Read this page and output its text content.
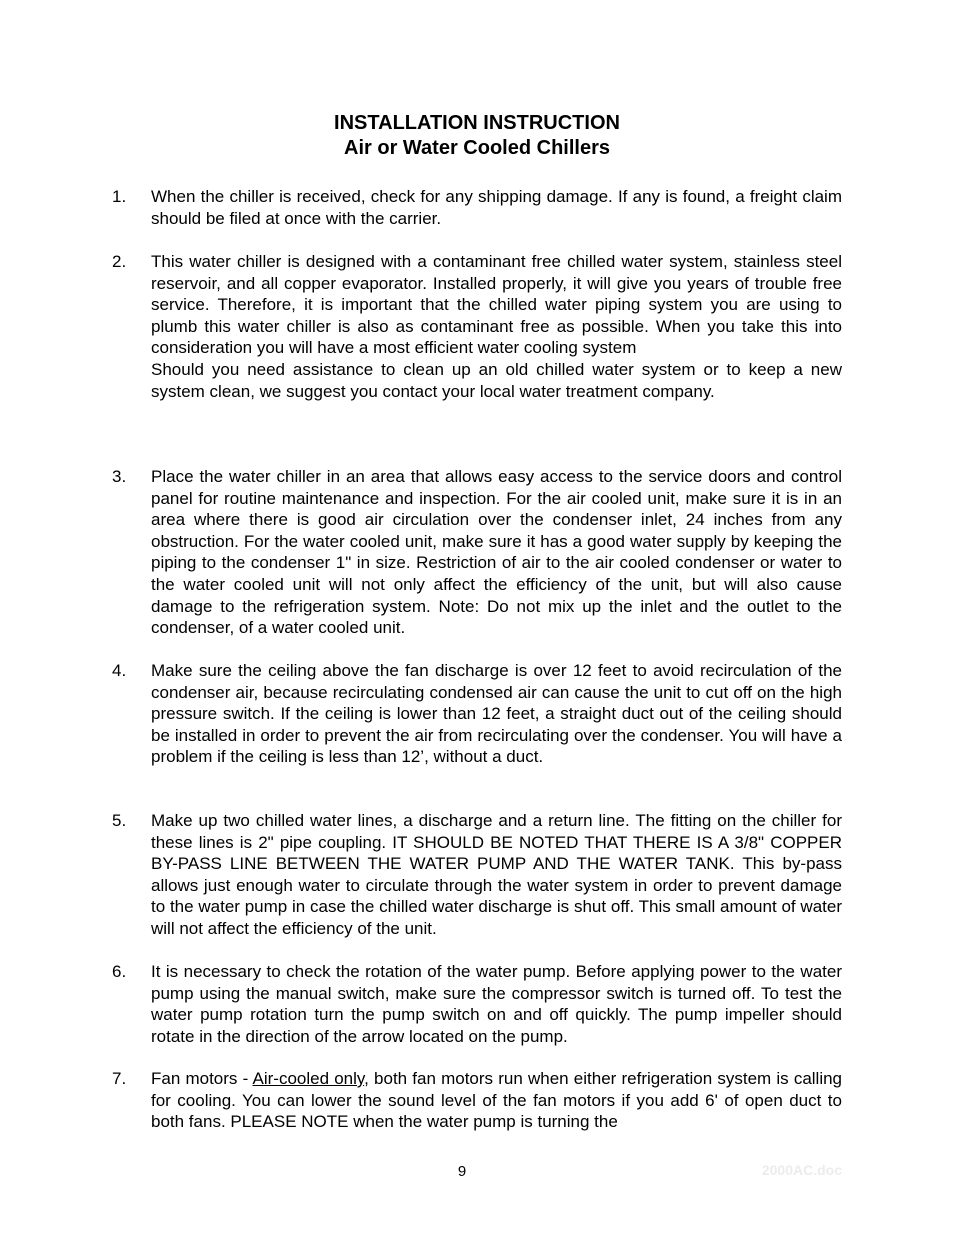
INSTALLATION INSTRUCTION
Air or Water Cooled Chillers
1.	When the chiller is received, check for any shipping damage. If any is found, a freight claim should be filed at once with the carrier.

2.	This water chiller is designed with a contaminant free chilled water system, stainless steel reservoir, and all copper evaporator. Installed properly, it will give you years of trouble free service. Therefore, it is important that the chilled water piping system you are using to plumb this water chiller is also as contaminant free as possible. When you take this into consideration you will have a most efficient water cooling system

Should you need assistance to clean up an old chilled water system or to keep a new system clean, we suggest you contact your local water treatment company.

3.	Place the water chiller in an area that allows easy access to the service doors and control panel for routine maintenance and inspection. For the air cooled unit, make sure it is in an area where there is good air circulation over the condenser inlet, 24 inches from any obstruction. For the water cooled unit, make sure it has a good water supply by keeping the piping to the condenser 1" in size. Restriction of air to the air cooled condenser or water to the water cooled unit will not only affect the efficiency of the unit, but will also cause damage to the refrigeration system. Note: Do not mix up the inlet and the outlet to the condenser, of a water cooled unit.

4.	Make sure the ceiling above the fan discharge is over 12 feet to avoid recirculation of the condenser air, because recirculating condensed air can cause the unit to cut off on the high pressure switch. If the ceiling is lower than 12 feet, a straight duct out of the ceiling should be installed in order to prevent the air from recirculating over the condenser. You will have a problem if the ceiling is less than 12’, without a duct.

5.	Make up two chilled water lines, a discharge and a return line. The fitting on the chiller for these lines is 2" pipe coupling. IT SHOULD BE NOTED THAT THERE IS A 3/8" COPPER BY-PASS LINE BETWEEN THE WATER PUMP AND THE WATER TANK. This by-pass allows just enough water to circulate through the water system in order to prevent damage to the water pump in case the chilled water discharge is shut off. This small amount of water will not affect the efficiency of the unit.

6.	It is necessary to check the rotation of the water pump. Before applying power to the water pump using the manual switch, make sure the compressor switch is turned off. To test the water pump rotation turn the pump switch on and off quickly. The pump impeller should rotate in the direction of the arrow located on the pump.

7.	Fan motors - Air-cooled only, both fan motors run when either refrigeration system is calling for cooling. You can lower the sound level of the fan motors if you add 6' of open duct to both fans. PLEASE NOTE when the water pump is turning the

9	2000AC.doc
